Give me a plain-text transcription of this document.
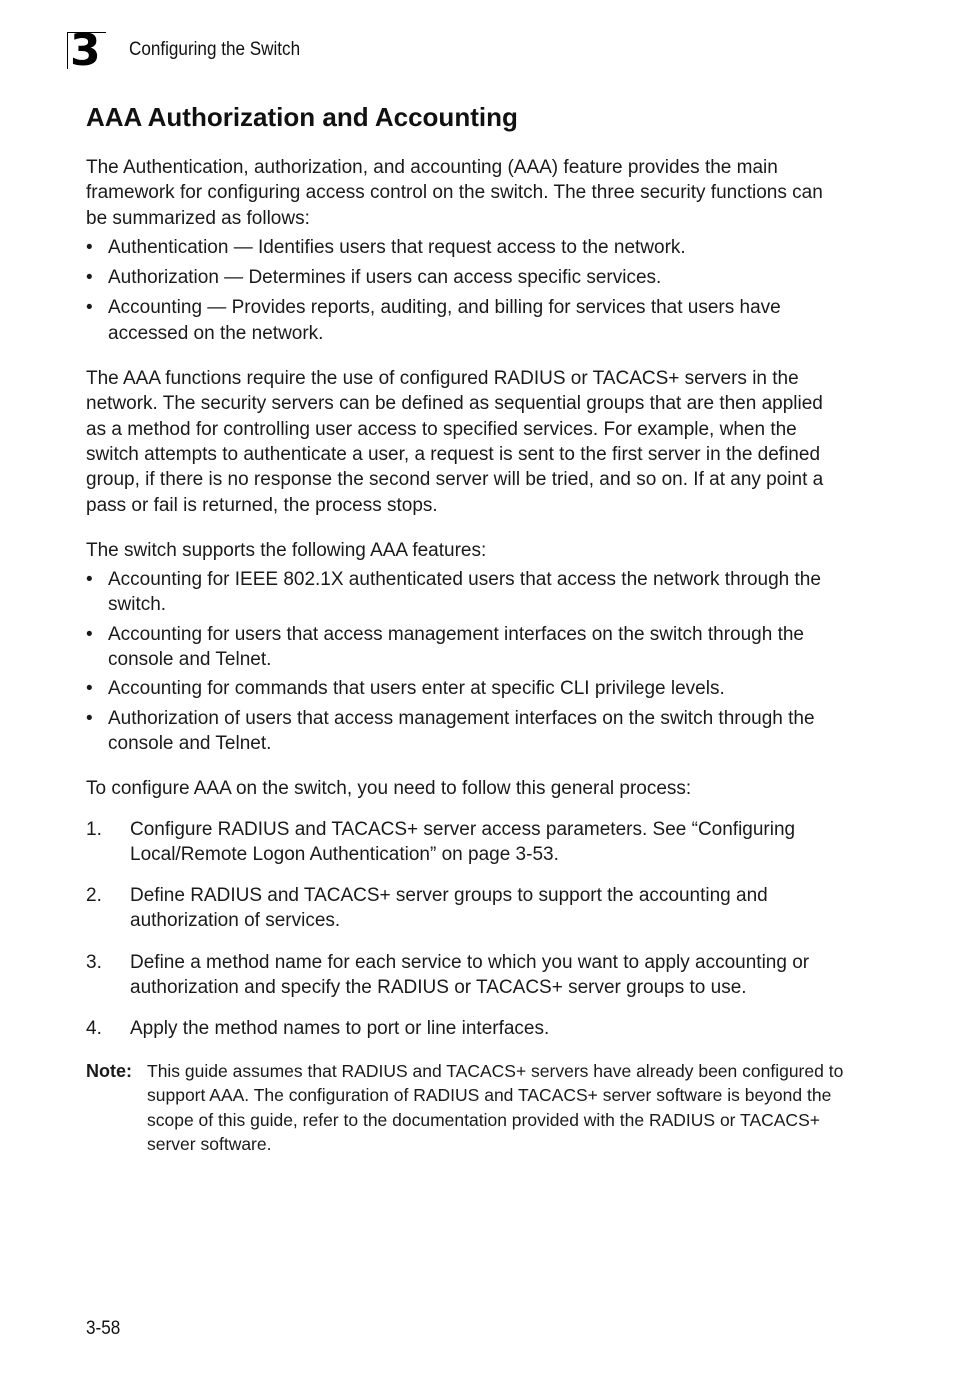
3 Configuring the Switch
AAA Authorization and Accounting

The Authentication, authorization, and accounting (AAA) feature provides the main framework for configuring access control on the switch. The three security functions can be summarized as follows:

• Authentication — Identifies users that request access to the network.
• Authorization — Determines if users can access specific services.
• Accounting — Provides reports, auditing, and billing for services that users have accessed on the network.

The AAA functions require the use of configured RADIUS or TACACS+ servers in the network. The security servers can be defined as sequential groups that are then applied as a method for controlling user access to specified services. For example, when the switch attempts to authenticate a user, a request is sent to the first server in the defined group, if there is no response the second server will be tried, and so on. If at any point a pass or fail is returned, the process stops.

The switch supports the following AAA features:

• Accounting for IEEE 802.1X authenticated users that access the network through the switch.
• Accounting for users that access management interfaces on the switch through the console and Telnet.
• Accounting for commands that users enter at specific CLI privilege levels.
• Authorization of users that access management interfaces on the switch through the console and Telnet.

To configure AAA on the switch, you need to follow this general process:

1. Configure RADIUS and TACACS+ server access parameters. See “Configuring Local/Remote Logon Authentication” on page 3-53.
2. Define RADIUS and TACACS+ server groups to support the accounting and authorization of services.
3. Define a method name for each service to which you want to apply accounting or authorization and specify the RADIUS or TACACS+ server groups to use.
4. Apply the method names to port or line interfaces.
Note: This guide assumes that RADIUS and TACACS+ servers have already been configured to support AAA. The configuration of RADIUS and TACACS+ server software is beyond the scope of this guide, refer to the documentation provided with the RADIUS or TACACS+ server software.
3-58
